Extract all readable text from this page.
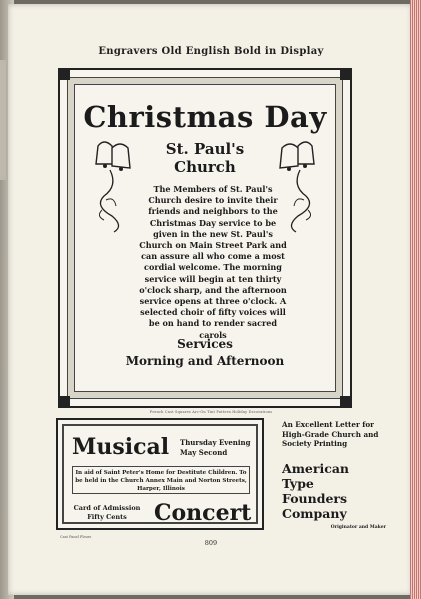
Engravers Old English Bold in Display
Christmas Day
St. Paul's
Church
The Members of St. Paul's Church desire to invite their friends and neighbors to the Christmas Day service to be given in the new St. Paul's Church on Main Street Park and can assure all who come a most cordial welcome. The morning service will begin at ten thirty o'clock sharp, and the afternoon service opens at three o'clock. A selected choir of fifty voices will be on hand to render sacred carols
Services
Morning and Afternoon
French Cast Squares Arc-On Tint Pattern Holiday Decorations
Musical Thursday Evening
May Second
In aid of Saint Peter's Home for Destitute Children. To be held in the Church Annex Main and Norton Streets, Harper, Illinois
Card of Admission
Fifty Cents	Concert
An Excellent Letter for High-Grade Church and Society Printing
American
Type
Founders
Company
Originator and Maker
Cast Panel Fleurs
809
